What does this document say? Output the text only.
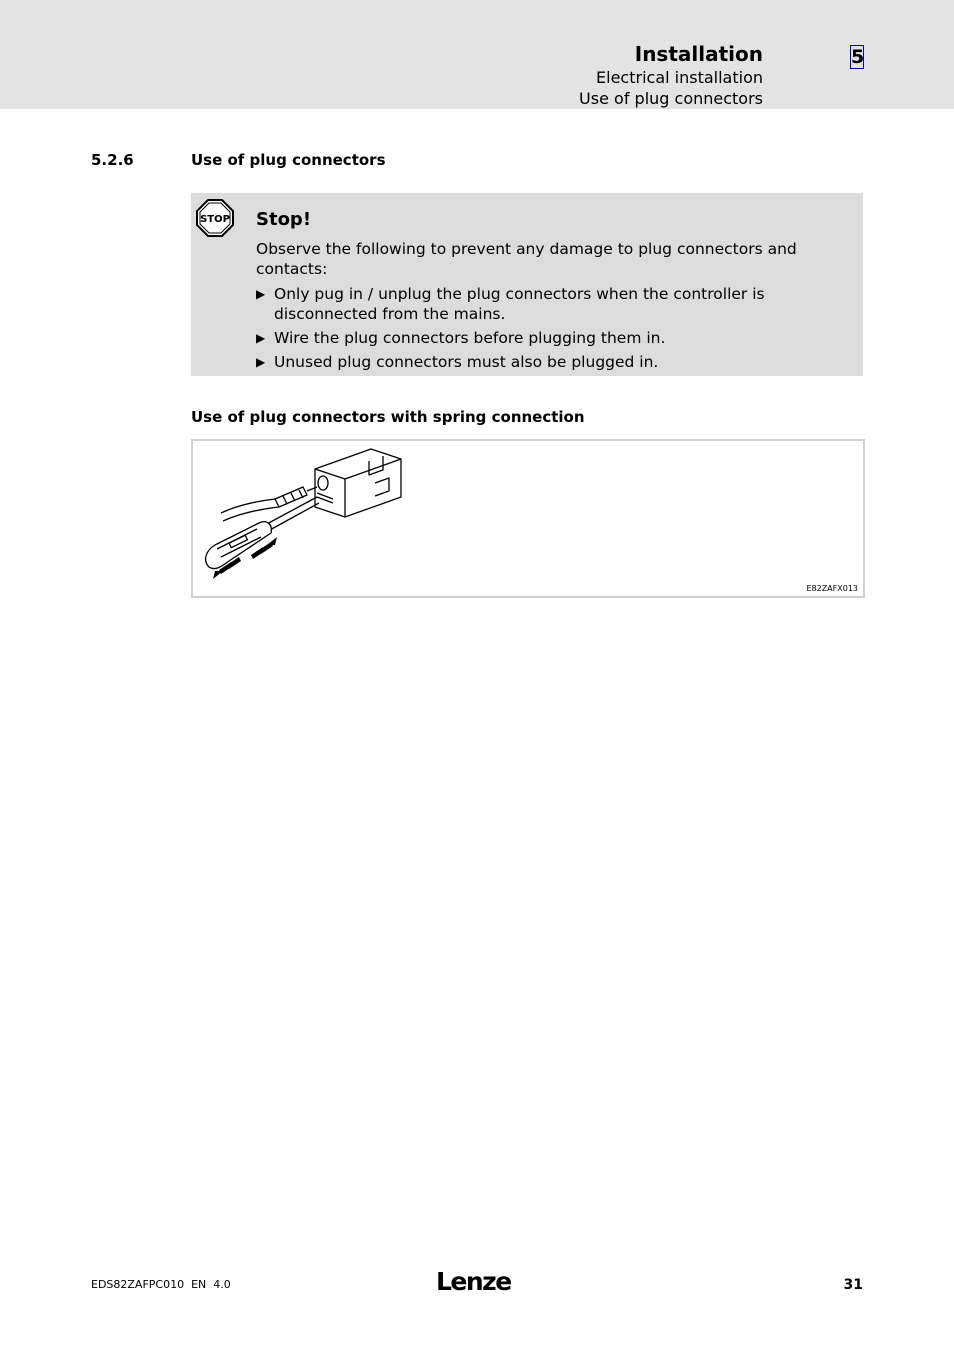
Installation
Electrical installation
Use of plug connectors
5
5.2.6	Use of plug connectors
STOP Stop!
Observe the following to prevent any damage to plug connectors and contacts:
▶ Only pug in / unplug the plug connectors when the controller is disconnected from the mains.
▶ Wire the plug connectors before plugging them in.
▶ Unused plug connectors must also be plugged in.
Use of plug connectors with spring connection
E82ZAFX013
EDS82ZAFPC010  EN  4.0	Lenze	31
